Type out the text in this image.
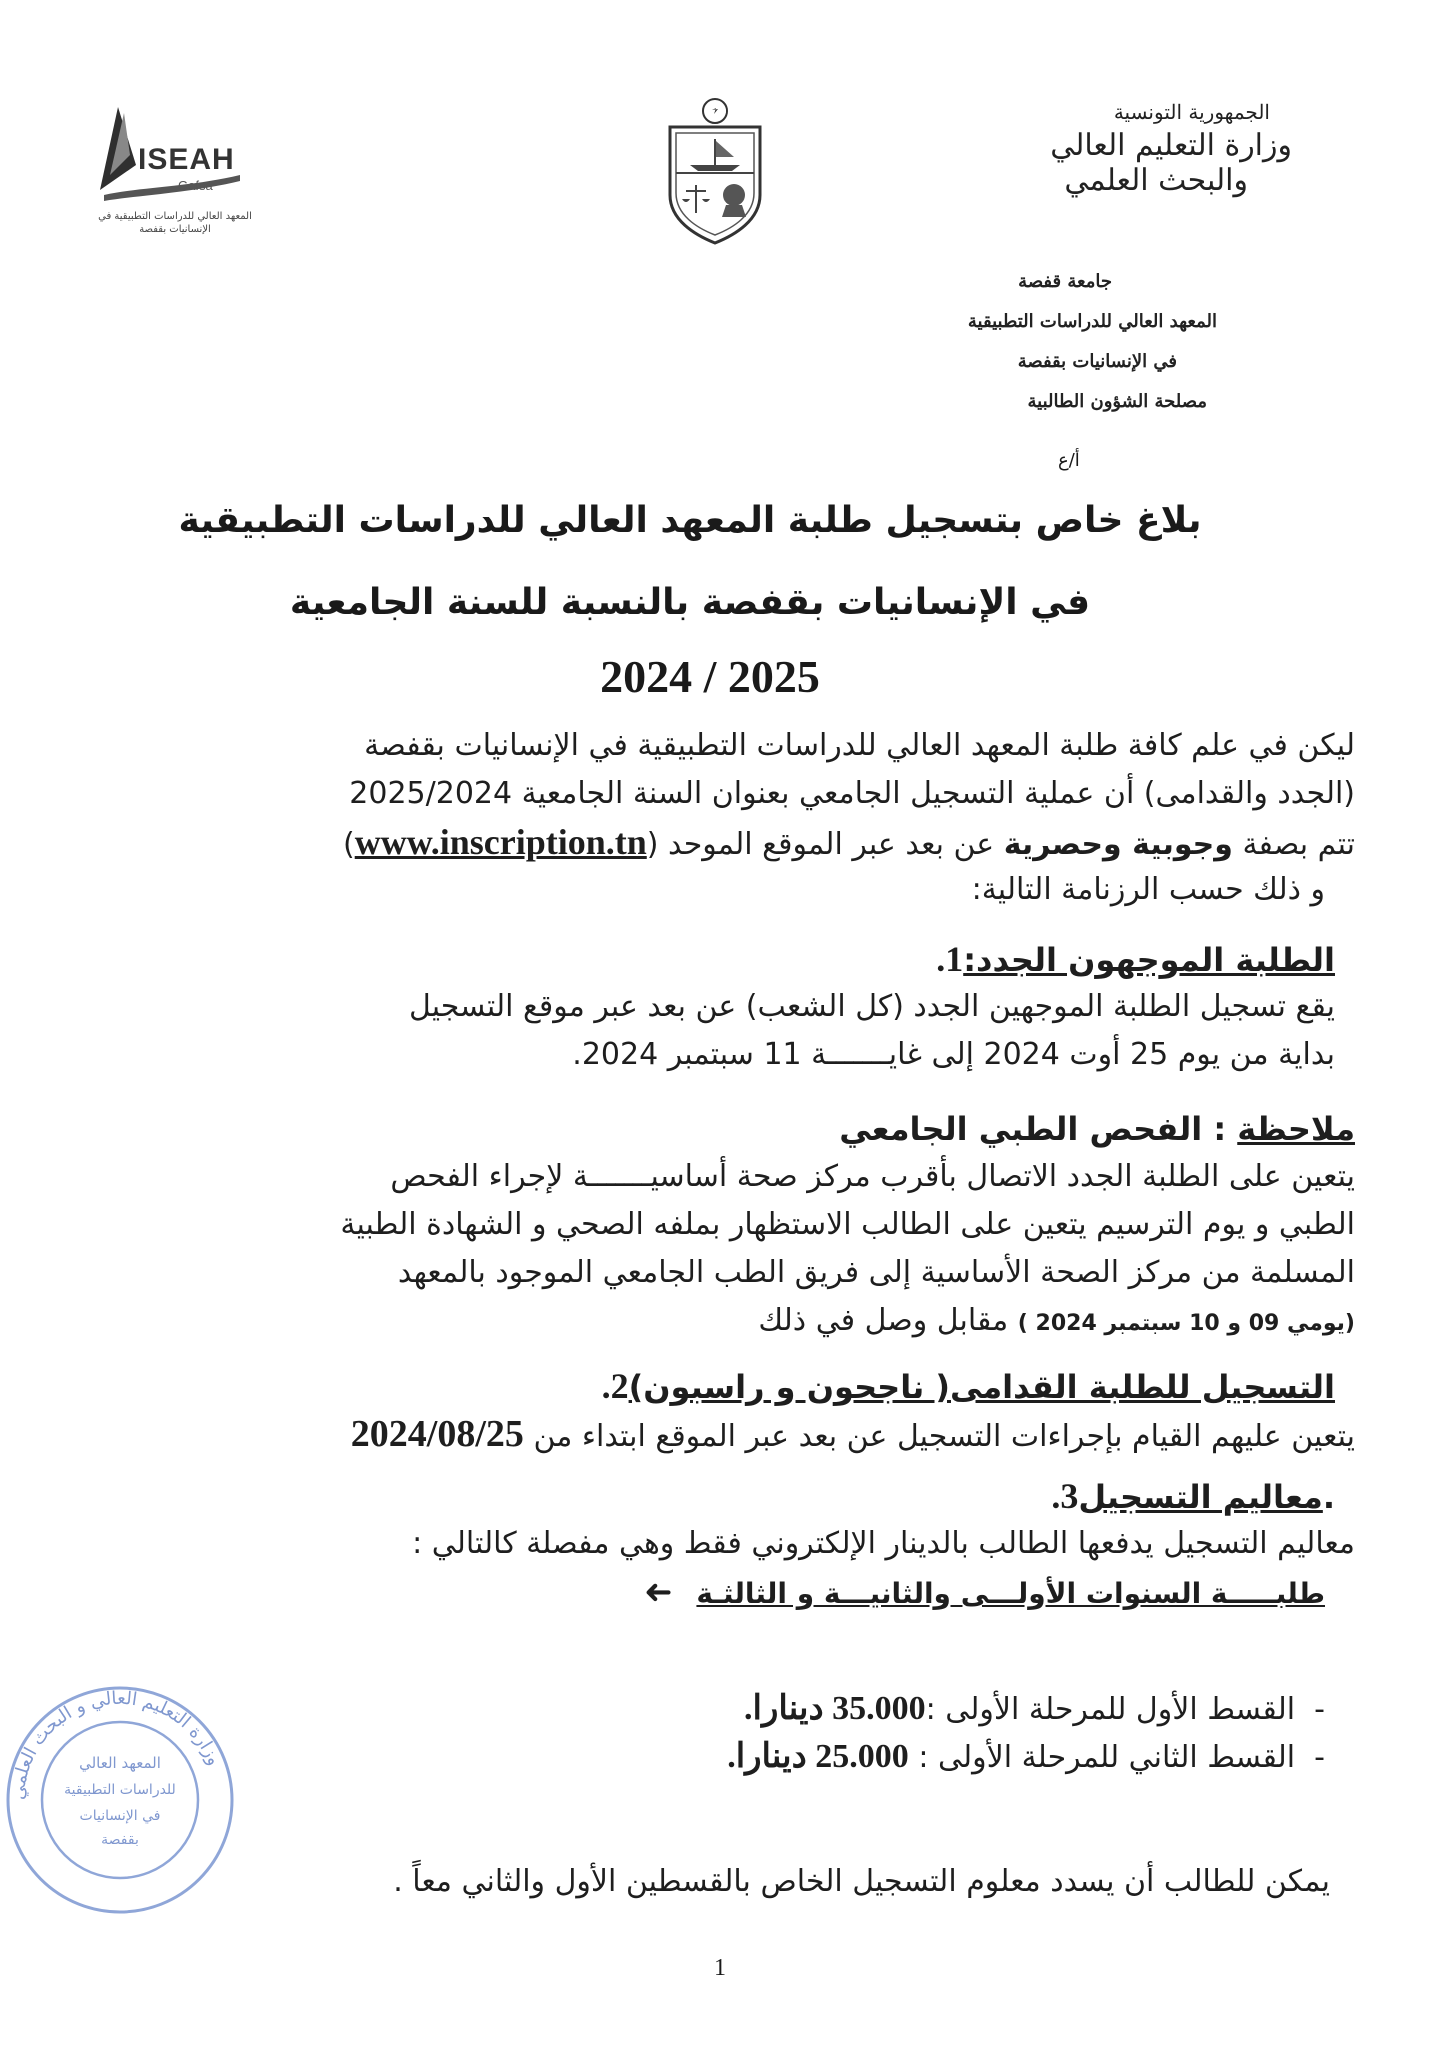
ISEAH
Gafsa
المعهد العالي للدراسات التطبيقية في الإنسانيات بقفصة
الجمهورية التونسية
وزارة التعليم العالي
والبحث العلمي
جامعة قفصة
المعهد العالي للدراسات التطبيقية
في الإنسانيات بقفصة
مصلحة الشؤون الطالبية
أ/ع
بلاغ خاص بتسجيل طلبة المعهد العالي للدراسات التطبيقية
في الإنسانيات بقفصة بالنسبة للسنة الجامعية
2024 / 2025
ليكن في علم كافة طلبة المعهد العالي للدراسات التطبيقية في الإنسانيات بقفصة
(الجدد والقدامى) أن عملية التسجيل الجامعي بعنوان السنة الجامعية 2025/2024
تتم بصفة وجوبية وحصرية عن بعد عبر الموقع الموحد (www.inscription.tn)
و ذلك حسب الرزنامة التالية:
الطلبة الموجهون الجدد:1.
يقع تسجيل الطلبة الموجهين الجدد (كل الشعب) عن بعد عبر موقع التسجيل
بداية من يوم 25 أوت 2024 إلى غايـــــــة 11 سبتمبر 2024.
ملاحظة : الفحص الطبي الجامعي
يتعين على الطلبة الجدد الاتصال بأقرب مركز صحة أساسيـــــــة لإجراء الفحص
الطبي و يوم الترسيم يتعين على الطالب الاستظهار بملفه الصحي و الشهادة الطبية
المسلمة من مركز الصحة الأساسية إلى فريق الطب الجامعي الموجود بالمعهد
(يومي 09 و 10 سبتمبر 2024 ) مقابل وصل في ذلك
التسجيل للطلبة القدامى( ناجحون و راسبون)2.
يتعين عليهم القيام بإجراءات التسجيل عن بعد عبر الموقع ابتداء من 2024/08/25
.معاليم التسجيل3.
معاليم التسجيل يدفعها الطالب بالدينار الإلكتروني فقط وهي مفصلة كالتالي :
طلبـــــة السنوات الأولـــى والثانيـــة و الثالثـة ➜
-  القسط الأول للمرحلة الأولى :35.000 دينارا.
-  القسط الثاني للمرحلة الأولى : 25.000 دينارا.
يمكن للطالب أن يسدد معلوم التسجيل الخاص بالقسطين الأول والثاني معاً .
وزارة التعليم العالي و البحث العلمي
المعهد العالي
للدراسات التطبيقية
في الإنسانيات
بقفصة
1
